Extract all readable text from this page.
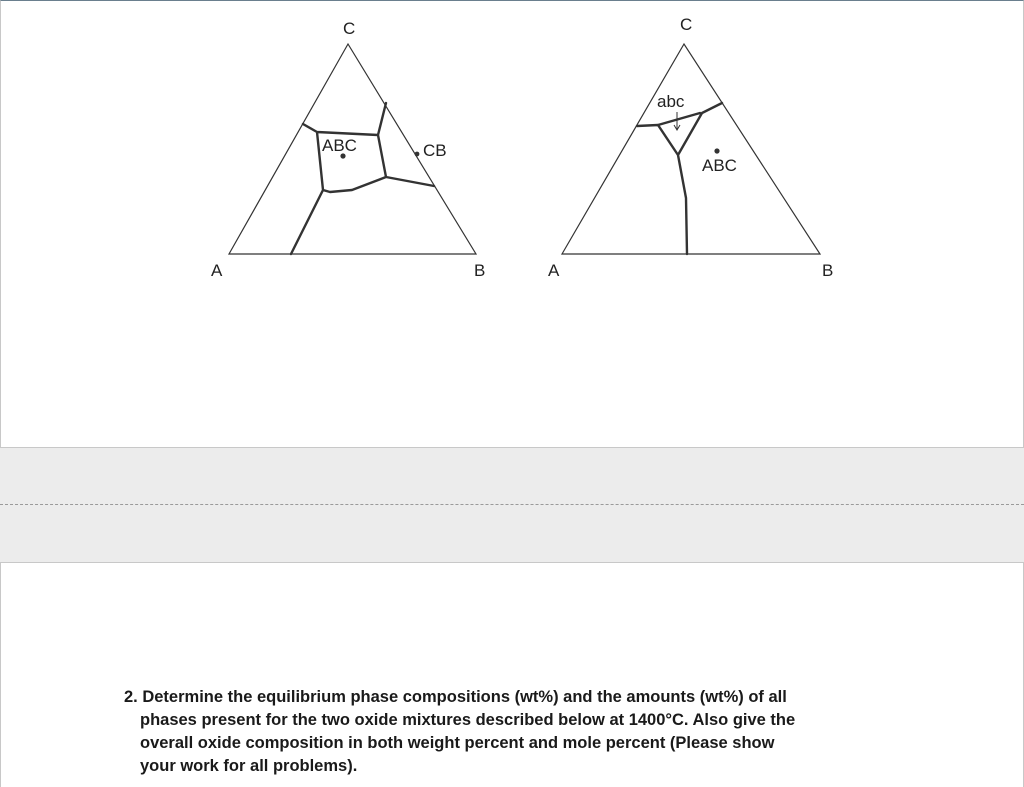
C
A	B
ABC	CB
C
A	B
abc
ABC
2. Determine the equilibrium phase compositions (wt%) and the amounts (wt%) of all
phases present for the two oxide mixtures described below at 1400°C. Also give the
overall oxide composition in both weight percent and mole percent (Please show
your work for all problems).
